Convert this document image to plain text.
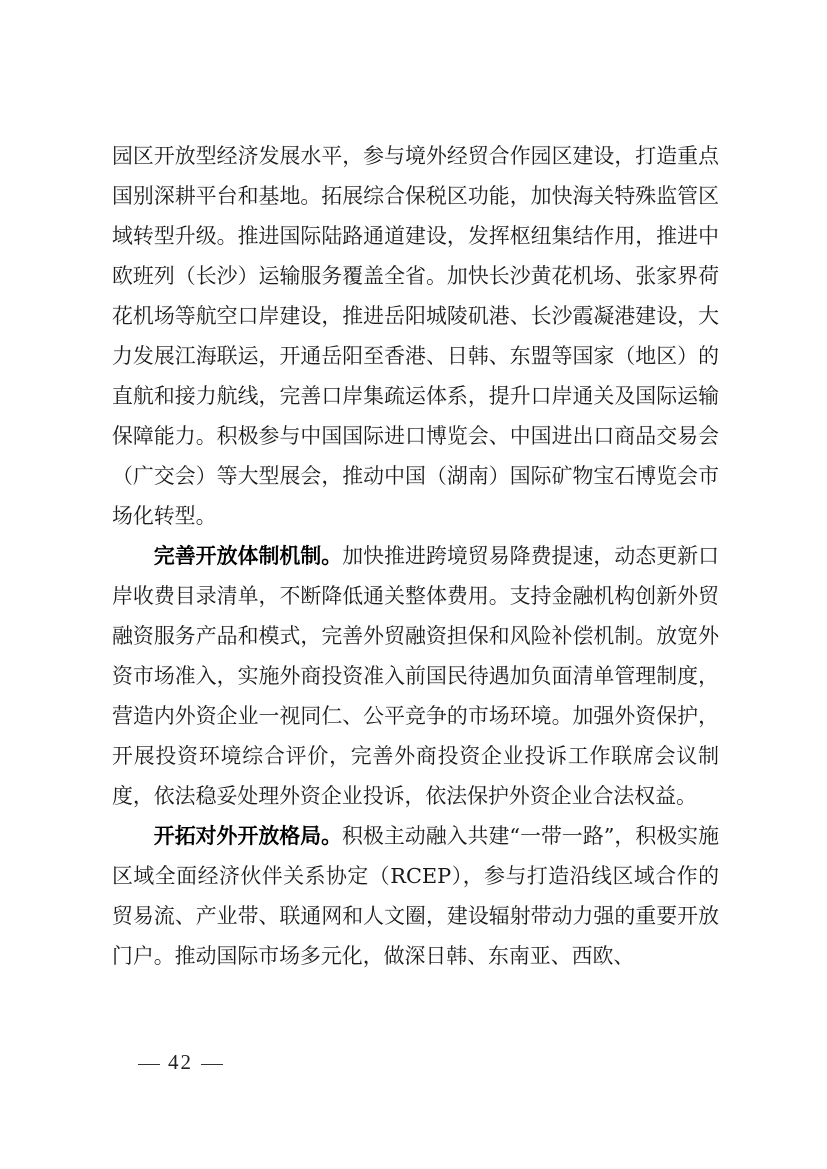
园区开放型经济发展水平，参与境外经贸合作园区建设，打造重点国别深耕平台和基地。拓展综合保税区功能，加快海关特殊监管区域转型升级。推进国际陆路通道建设，发挥枢纽集结作用，推进中欧班列（长沙）运输服务覆盖全省。加快长沙黄花机场、张家界荷花机场等航空口岸建设，推进岳阳城陵矶港、长沙霞凝港建设，大力发展江海联运，开通岳阳至香港、日韩、东盟等国家（地区）的直航和接力航线，完善口岸集疏运体系，提升口岸通关及国际运输保障能力。积极参与中国国际进口博览会、中国进出口商品交易会（广交会）等大型展会，推动中国（湖南）国际矿物宝石博览会市场化转型。

完善开放体制机制。加快推进跨境贸易降费提速，动态更新口岸收费目录清单，不断降低通关整体费用。支持金融机构创新外贸融资服务产品和模式，完善外贸融资担保和风险补偿机制。放宽外资市场准入，实施外商投资准入前国民待遇加负面清单管理制度，营造内外资企业一视同仁、公平竞争的市场环境。加强外资保护，开展投资环境综合评价，完善外商投资企业投诉工作联席会议制度，依法稳妥处理外资企业投诉，依法保护外资企业合法权益。

开拓对外开放格局。积极主动融入共建“一带一路”，积极实施区域全面经济伙伴关系协定（RCEP），参与打造沿线区域合作的贸易流、产业带、联通网和人文圈，建设辐射带动力强的重要开放门户。推动国际市场多元化，做深日韩、东南亚、西欧、

42
